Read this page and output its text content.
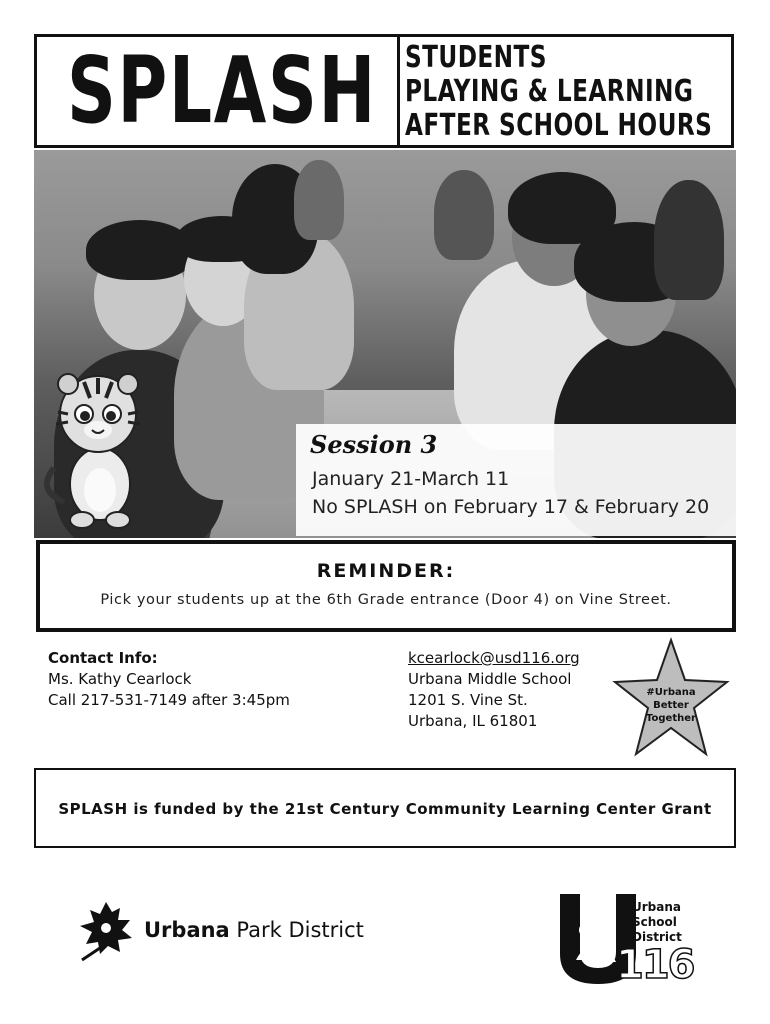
SPLASH STUDENTS
PLAYING & LEARNING
AFTER SCHOOL HOURS
Session 3
January 21-March 11
No SPLASH on February 17 & February 20
REMINDER:
Pick your students up at the 6th Grade entrance (Door 4) on Vine Street.
Contact Info:
Ms. Kathy Cearlock
Call 217-531-7149 after 3:45pm
kcearlock@usd116.org
Urbana Middle School
1201 S. Vine St.
Urbana, IL 61801
#Urbana
Better
Together
SPLASH is funded by the 21st Century Community Learning Center Grant
Urbana Park District
Urbana
School
District
116
